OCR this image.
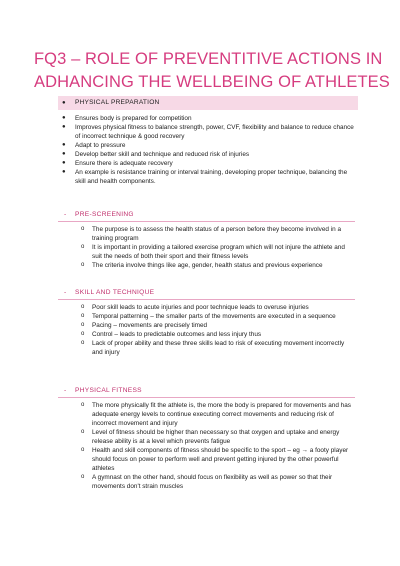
FQ3 – ROLE OF PREVENTITIVE ACTIONS IN
ADHANCING THE WELLBEING OF ATHLETES
● PHYSICAL PREPARATION
● Ensures body is prepared for competition
● Improves physical fitness to balance strength, power, CVF, flexibility and balance to reduce chance of incorrect technique & good recovery
● Adapt to pressure
● Develop better skill and technique and reduced risk of injuries
● Ensure there is adequate recovery
● An example is resistance training or interval training, developing proper technique, balancing the skill and health components.
- PRE-SCREENING
o The purpose is to assess the health status of a person before they become involved in a training program
o It is important in providing a tailored exercise program which will not injure the athlete and suit the needs of both their sport and their fitness levels
o The criteria involve things like age, gender, health status and previous experience
- SKILL AND TECHNIQUE
o Poor skill leads to acute injuries and poor technique leads to overuse injuries
o Temporal patterning – the smaller parts of the movements are executed in a sequence
o Pacing – movements are precisely timed
o Control – leads to predictable outcomes and less injury thus
o Lack of proper ability and these three skills lead to risk of executing movement incorrectly and injury
- PHYSICAL FITNESS
o The more physically fit the athlete is, the more the body is prepared for movements and has adequate energy levels to continue executing correct movements and reducing risk of incorrect movement and injury
o Level of fitness should be higher than necessary so that oxygen and uptake and energy release ability is at a level which prevents fatigue
o Health and skill components of fitness should be specific to the sport – eg → a footy player should focus on power to perform well and prevent getting injured by the other powerful athletes
o A gymnast on the other hand, should focus on flexibility as well as power so that their movements don't strain muscles
